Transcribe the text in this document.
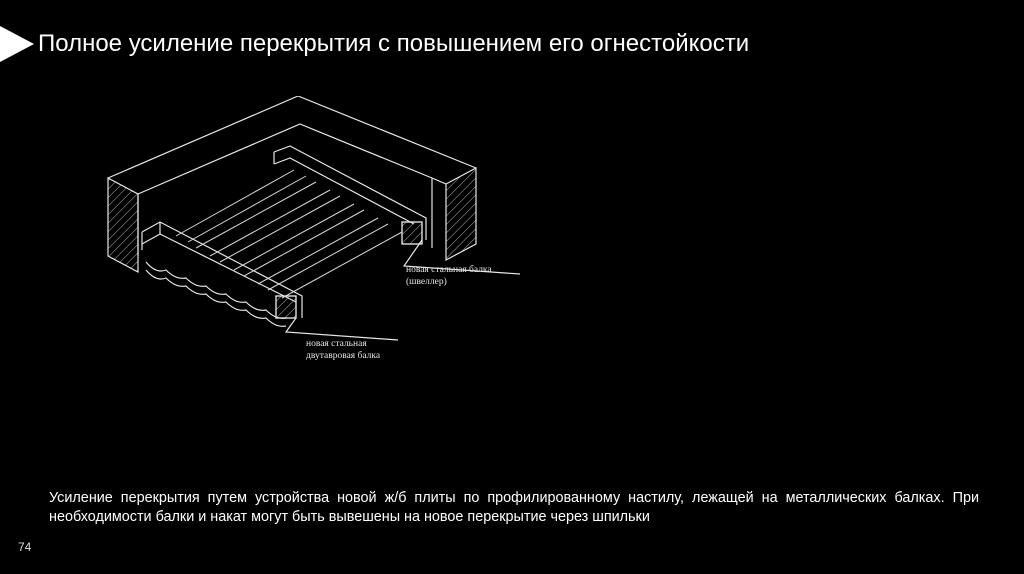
Полное усиление перекрытия с повышением его огнестойкости
новая стальная балка
(швеллер)
новая стальная
двутавровая балка

Усиление перекрытия путем устройства новой ж/б плиты по профилированному настилу, лежащей на металлических балках. При необходимости балки и накат могут быть вывешены на новое перекрытие через шпильки

74
